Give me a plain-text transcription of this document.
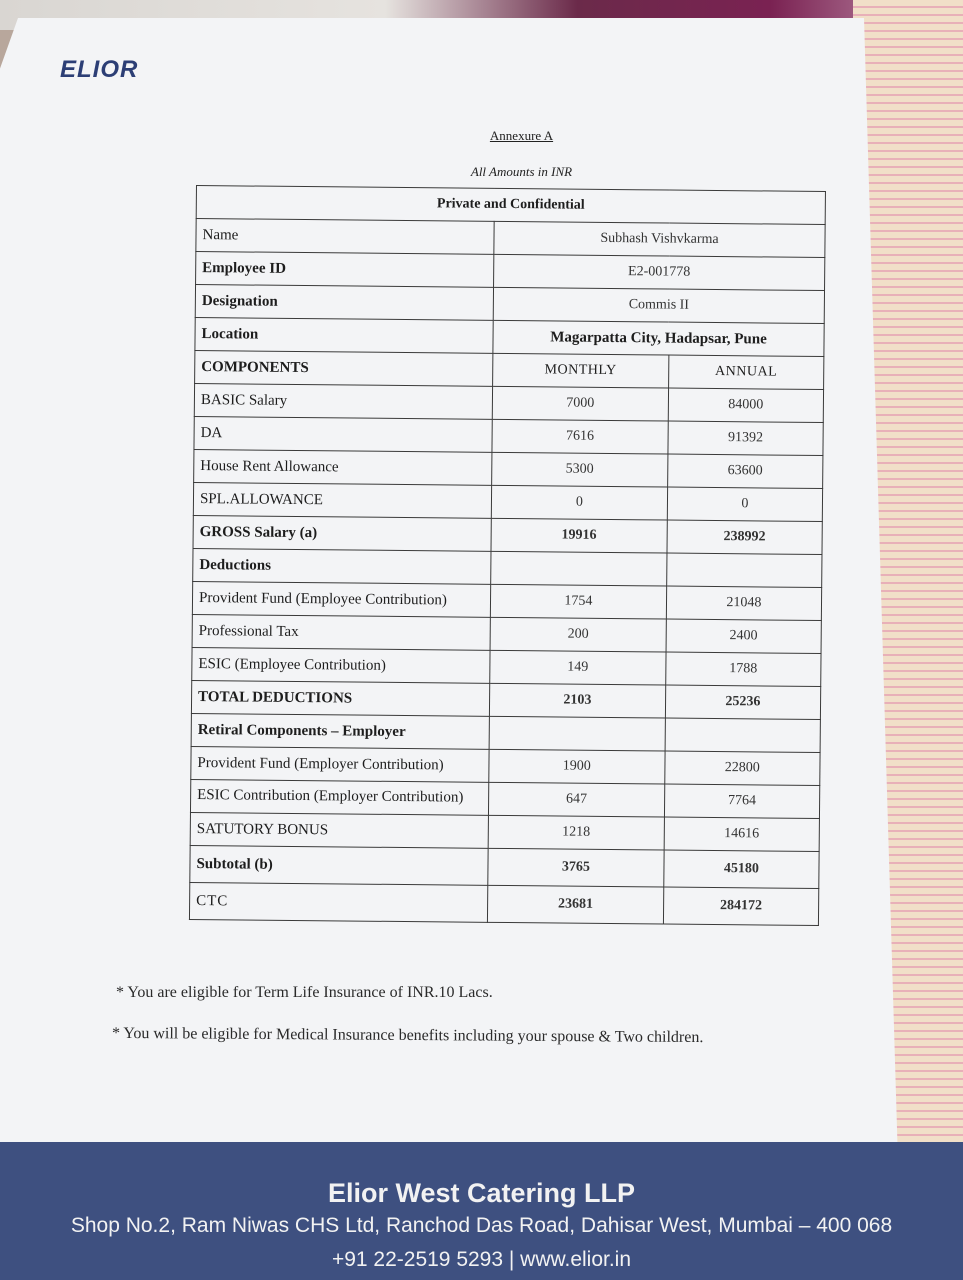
ELIOR
Annexure A
All Amounts in INR
Private and Confidential		
Name	Subhash Vishvkarma	
Employee ID	E2-001778	
Designation	Commis II	
Location	Magarpatta City, Hadapsar, Pune	
COMPONENTS	MONTHLY	ANNUAL
BASIC Salary	7000	84000
DA	7616	91392
House Rent Allowance	5300	63600
SPL.ALLOWANCE	0	0
GROSS Salary (a)	19916	238992
Deductions		
Provident Fund (Employee Contribution)	1754	21048
Professional Tax	200	2400
ESIC (Employee Contribution)	149	1788
TOTAL DEDUCTIONS	2103	25236
Retiral Components – Employer		
Provident Fund (Employer Contribution)	1900	22800
ESIC Contribution (Employer Contribution)	647	7764
SATUTORY BONUS	1218	14616
Subtotal (b)	3765	45180
CTC	23681	284172
* You are eligible for Term Life Insurance of INR.10 Lacs.
* You will be eligible for Medical Insurance benefits including your spouse & Two children.
Elior West Catering LLP
Shop No.2, Ram Niwas CHS Ltd, Ranchod Das Road, Dahisar West, Mumbai – 400 068
+91 22-2519 5293 | www.elior.in
